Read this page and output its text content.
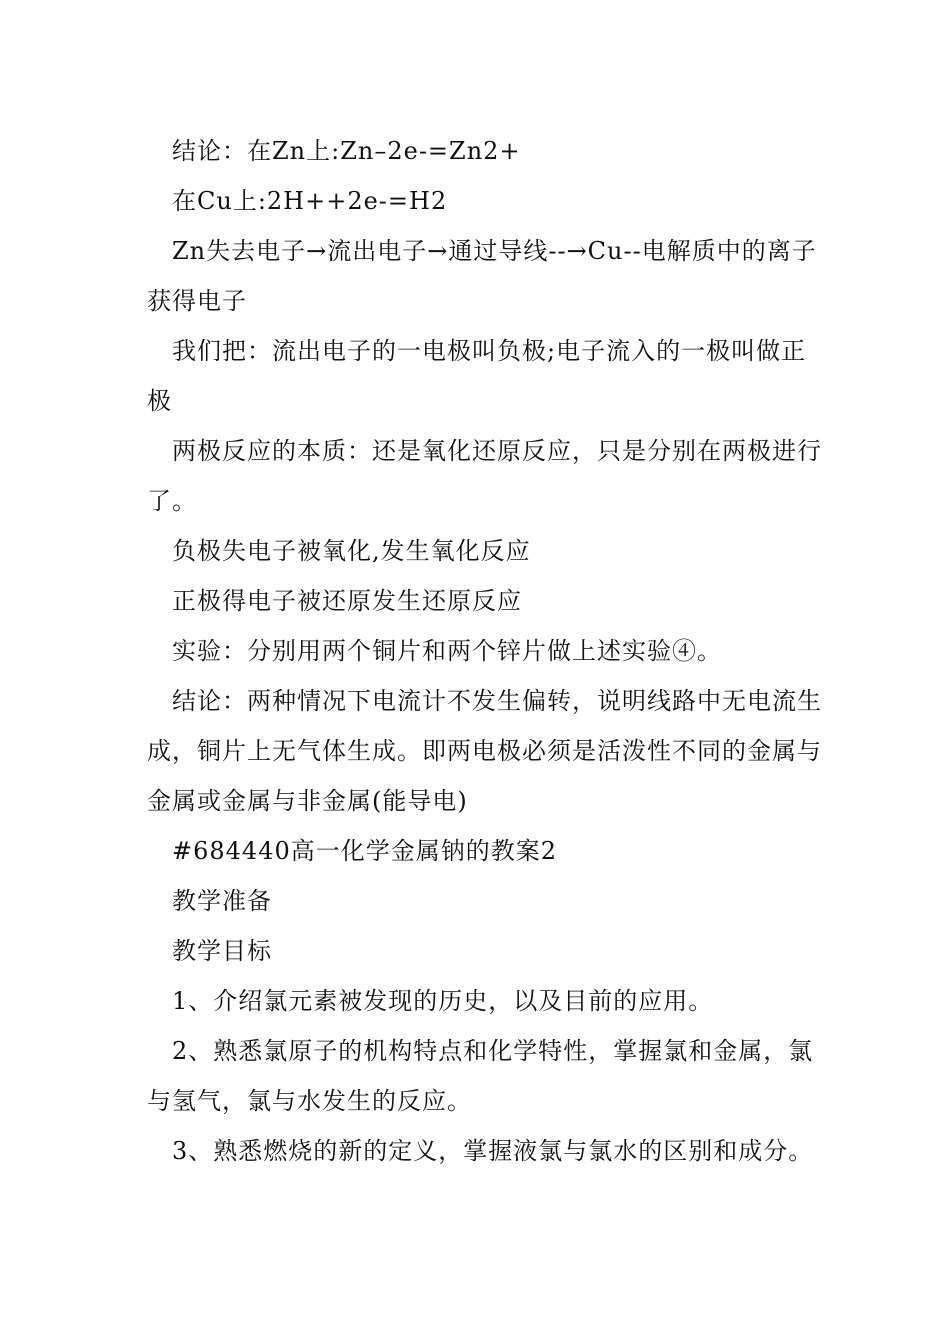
结论：在Zn上:Zn–2e-=Zn2+

在Cu上:2H++2e-=H2

Zn失去电子→流出电子→通过导线--→Cu--电解质中的离子获得电子

我们把：流出电子的一电极叫负极;电子流入的一极叫做正极

两极反应的本质：还是氧化还原反应，只是分别在两极进行了。

负极失电子被氧化,发生氧化反应

正极得电子被还原发生还原反应

实验：分别用两个铜片和两个锌片做上述实验④。

结论：两种情况下电流计不发生偏转，说明线路中无电流生成，铜片上无气体生成。即两电极必须是活泼性不同的金属与金属或金属与非金属(能导电)

#684440高一化学金属钠的教案2

教学准备

教学目标

1、介绍氯元素被发现的历史，以及目前的应用。

2、熟悉氯原子的机构特点和化学特性，掌握氯和金属，氯与氢气，氯与水发生的反应。

3、熟悉燃烧的新的定义，掌握液氯与氯水的区别和成分。
